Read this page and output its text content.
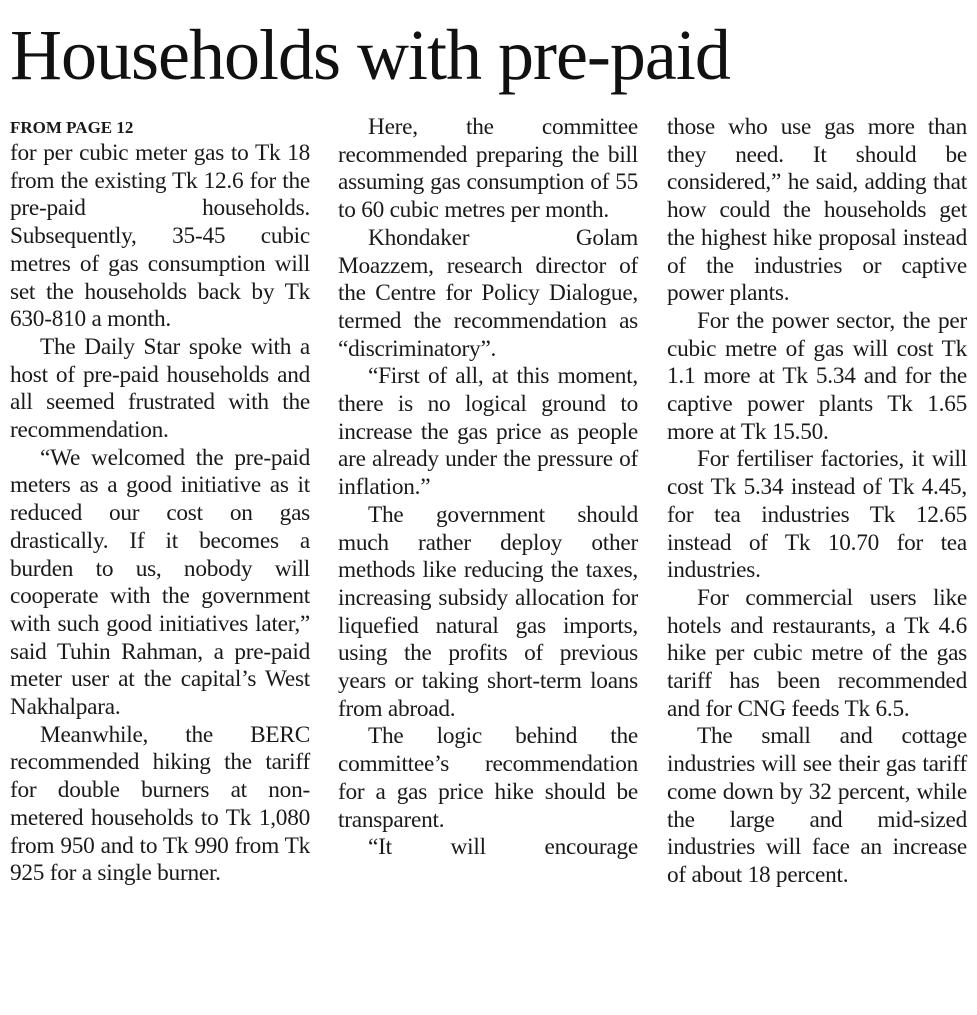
Households with pre-paid
FROM PAGE 12

for per cubic meter gas to Tk 18 from the existing Tk 12.6 for the pre-paid households. Subsequently, 35-45 cubic metres of gas consumption will set the households back by Tk 630-810 a month.

The Daily Star spoke with a host of pre-paid households and all seemed frustrated with the recommendation.

“We welcomed the pre-paid meters as a good initiative as it reduced our cost on gas drastically. If it becomes a burden to us, nobody will cooperate with the government with such good initiatives later,” said Tuhin Rahman, a pre-paid meter user at the capital’s West Nakhalpara.

Meanwhile, the BERC recommended hiking the tariff for double burners at non-metered households to Tk 1,080 from 950 and to Tk 990 from Tk 925 for a single burner.

Here, the committee recommended preparing the bill assuming gas consumption of 55 to 60 cubic metres per month.

Khondaker Golam Moazzem, research director of the Centre for Policy Dialogue, termed the recommendation as “discriminatory”.

“First of all, at this moment, there is no logical ground to increase the gas price as people are already under the pressure of inflation.”

The government should much rather deploy other methods like reducing the taxes, increasing subsidy allocation for liquefied natural gas imports, using the profits of previous years or taking short-term loans from abroad.

The logic behind the committee’s recommendation for a gas price hike should be transparent.

“It will encourage

those who use gas more than they need. It should be considered,” he said, adding that how could the households get the highest hike proposal instead of the industries or captive power plants.

For the power sector, the per cubic metre of gas will cost Tk 1.1 more at Tk 5.34 and for the captive power plants Tk 1.65 more at Tk 15.50.

For fertiliser factories, it will cost Tk 5.34 instead of Tk 4.45, for tea industries Tk 12.65 instead of Tk 10.70 for tea industries.

For commercial users like hotels and restaurants, a Tk 4.6 hike per cubic metre of the gas tariff has been recommended and for CNG feeds Tk 6.5.

The small and cottage industries will see their gas tariff come down by 32 percent, while the large and mid-sized industries will face an increase of about 18 percent.
